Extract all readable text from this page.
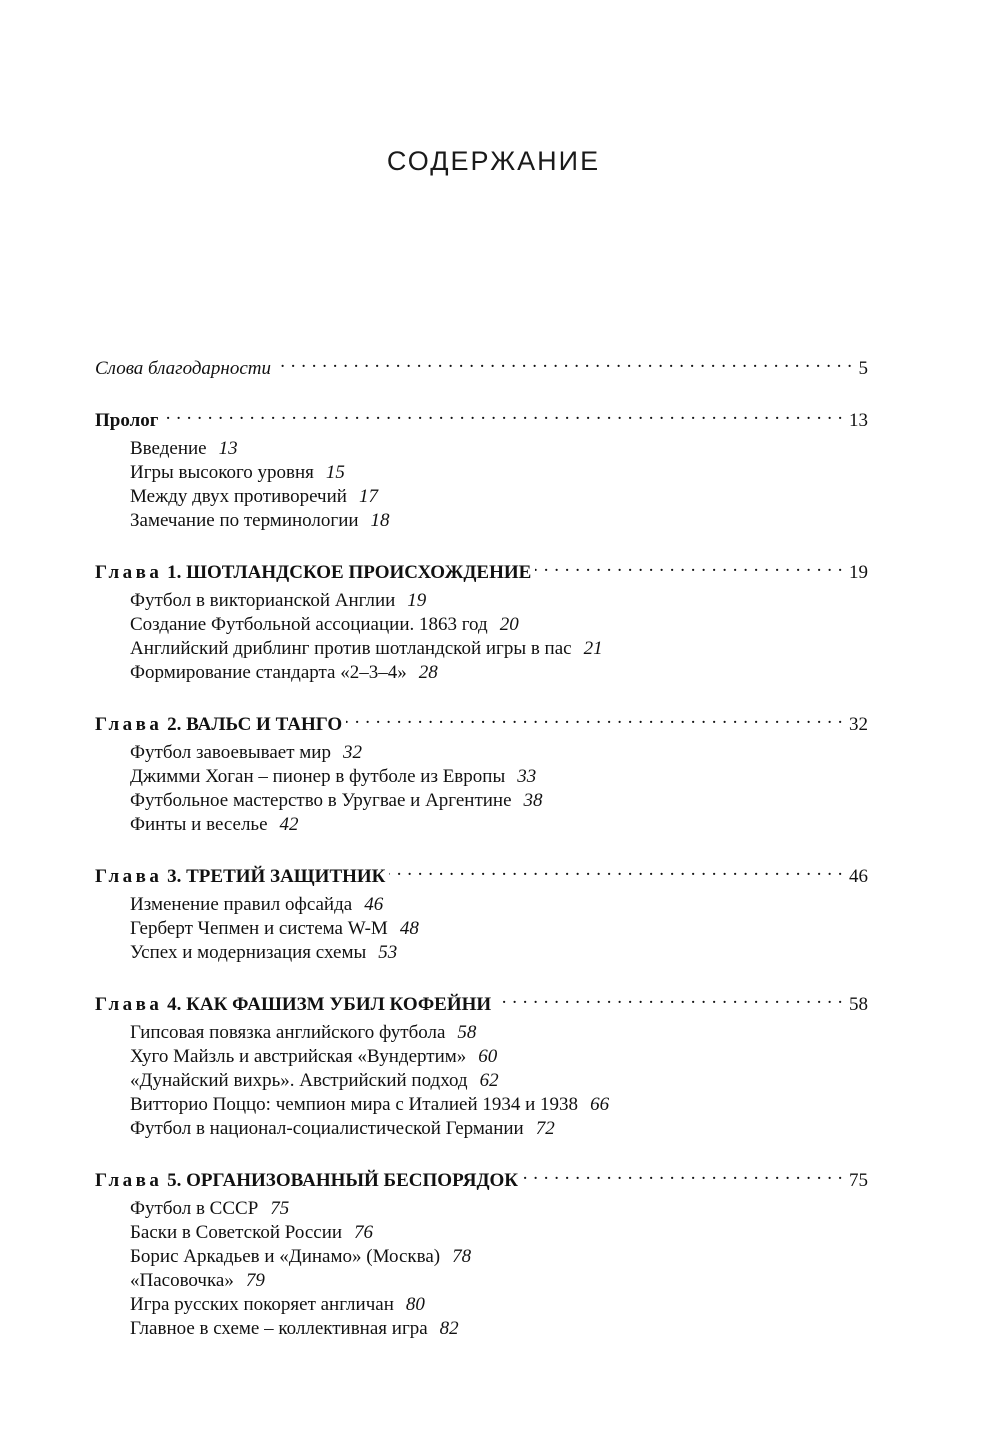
СОДЕРЖАНИЕ
Слова благодарности . . .	5
Пролог . . .	13
Введение 13
Игры высокого уровня 15
Между двух противоречий 17
Замечание по терминологии 18
Глава 1. ШОТЛАНДСКОЕ ПРОИСХОЖДЕНИЕ . . .	19
Футбол в викторианской Англии 19
Создание Футбольной ассоциации. 1863 год 20
Английский дриблинг против шотландской игры в пас 21
Формирование стандарта «2–3–4» 28
Глава 2. ВАЛЬС И ТАНГО . . .	32
Футбол завоевывает мир 32
Джимми Хоган – пионер в футболе из Европы 33
Футбольное мастерство в Уругвае и Аргентине 38
Финты и веселье 42
Глава 3. ТРЕТИЙ ЗАЩИТНИК . . .	46
Изменение правил офсайда 46
Герберт Чепмен и система W-M 48
Успех и модернизация схемы 53
Глава 4. КАК ФАШИЗМ УБИЛ КОФЕЙНИ . . .	58
Гипсовая повязка английского футбола 58
Хуго Майзль и австрийская «Вундертим» 60
«Дунайский вихрь». Австрийский подход 62
Витторио Поццо: чемпион мира с Италией 1934 и 1938 66
Футбол в национал-социалистической Германии 72
Глава 5. ОРГАНИЗОВАННЫЙ БЕСПОРЯДОК . . .	75
Футбол в СССР 75
Баски в Советской России 76
Борис Аркадьев и «Динамо» (Москва) 78
«Пасовочка» 79
Игра русских покоряет англичан 80
Главное в схеме – коллективная игра 82
